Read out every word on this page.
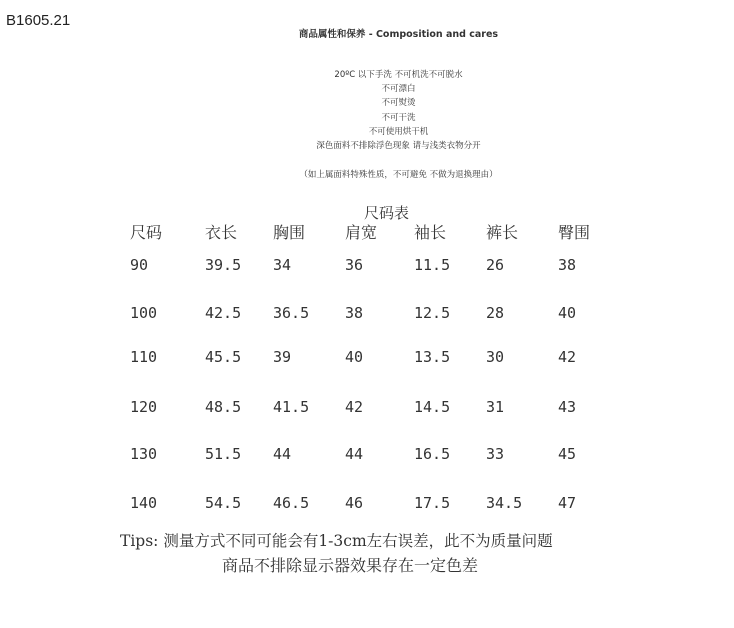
B1605.21
商品属性和保养 - Composition and cares
20ºC 以下手洗 不可机洗不可脱水
不可漂白
不可熨烫
不可干洗
不可使用烘干机
深色面料不排除浮色现象 请与浅类衣物分开
（如上属面料特殊性质，不可避免 不做为退换理由）
尺码表
尺码	衣长 胸围 肩宽 袖长 裤长 臀围
90	39.5 34	36	11.5 26	38
100	42.5 36.5 38	12.5 28	40
110	45.5 39	40	13.5 30	42
120	48.5 41.5 42	14.5 31	43
130	51.5 44	44	16.5 33	45
140	54.5 46.5 46	17.5 34.5 47
Tips: 测量方式不同可能会有1-3cm左右误差，此不为质量问题
商品不排除显示器效果存在一定色差
